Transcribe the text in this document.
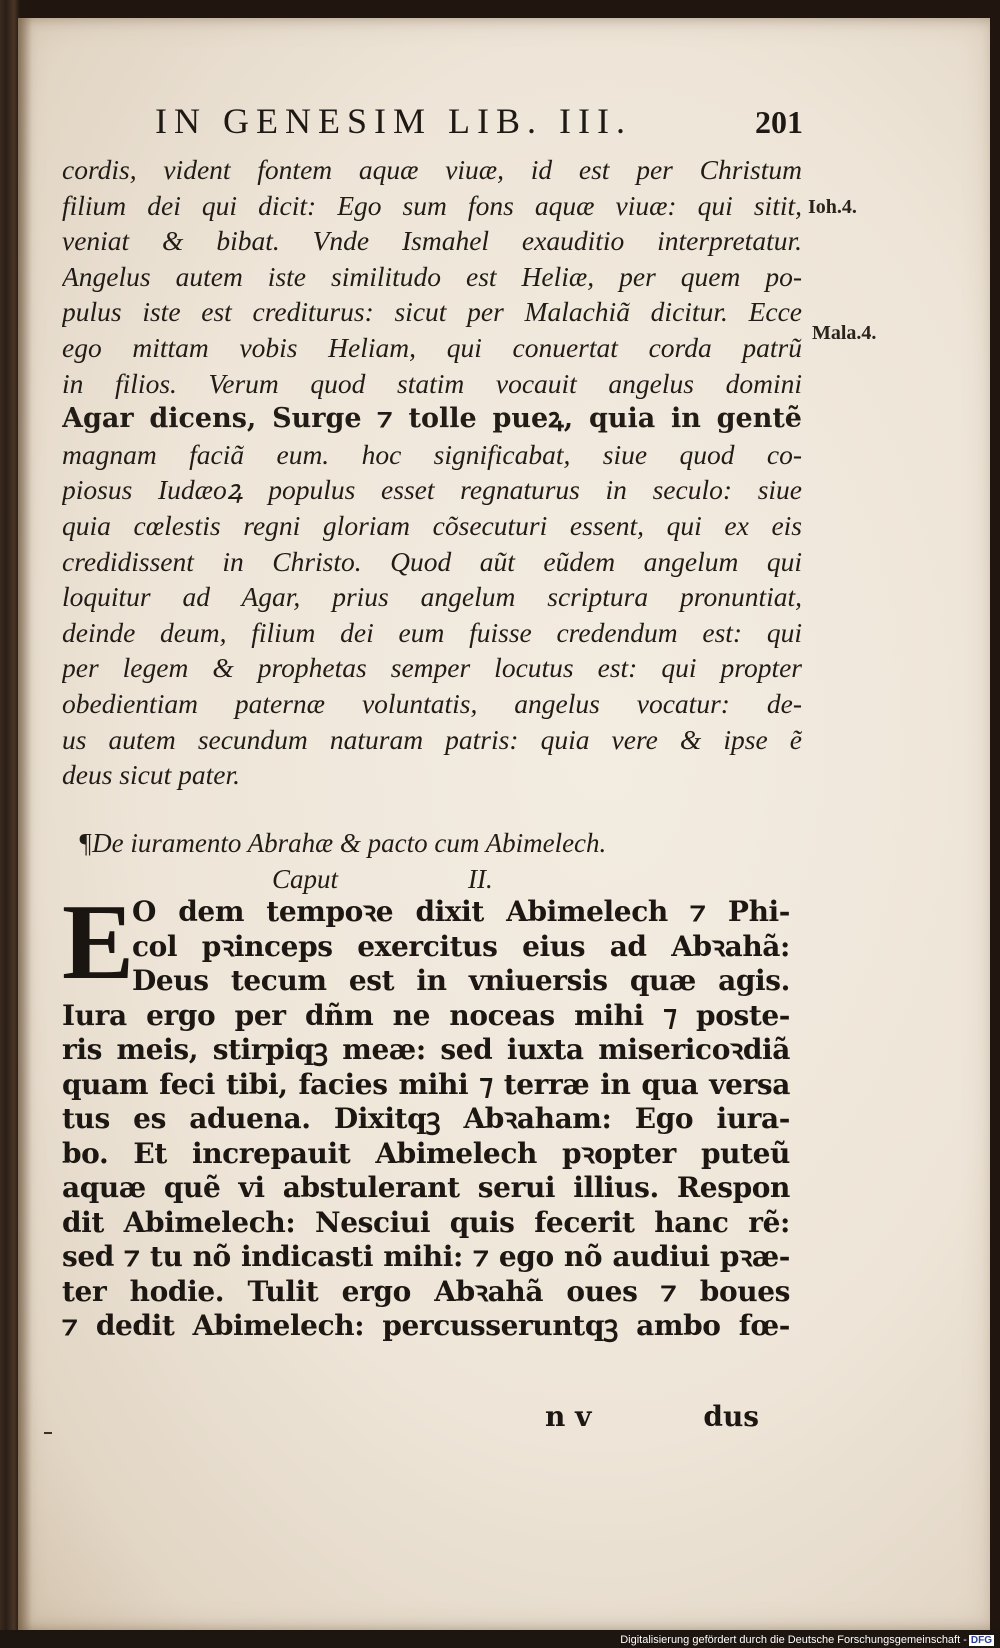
IN GENESIM LIB. III.	201
Ioh.4.
Mala.4.
cordis, vident fontem aquæ viuæ, id est per Christum
filium dei qui dicit: Ego sum fons aquæ viuæ: qui sitit,
veniat & bibat. Vnde Ismahel exauditio interpretatur.
Angelus autem iste similitudo est Heliæ, per quem po-
pulus iste est crediturus: sicut per Malachiã dicitur. Ecce
ego mittam vobis Heliam, qui conuertat corda patrũ
in filios. Verum quod statim vocauit angelus domini
Agar dicens, Surge ⁊ tolle pueꝝ, quia in gentẽ
magnam faciã eum. hoc significabat, siue quod co-
piosus Iudæoꝝ populus esset regnaturus in seculo: siue
quia cœlestis regni gloriam cõsecuturi essent, qui ex eis
credidissent in Christo. Quod aũt eũdem angelum qui
loquitur ad Agar, prius angelum scriptura pronuntiat,
deinde deum, filium dei eum fuisse credendum est: qui
per legem & prophetas semper locutus est: qui propter
obedientiam paternæ voluntatis, angelus vocatur: de-
us autem secundum naturam patris: quia vere & ipse ẽ
deus sicut pater.
¶De iuramento Abrahæ & pacto cum Abimelech.
Caput	II.
E
O dem tempoꝛe dixit Abimelech ⁊ Phi-
col pꝛinceps exercitus eius ad Abꝛahã:
Deus tecum est in vniuersis quæ agis.
Iura ergo per dñm ne noceas mihi ⁊ poste-
ris meis, stirpiqꝫ meæ: sed iuxta misericoꝛdiã
quam feci tibi, facies mihi ⁊ terræ in qua versa
tus es aduena. Dixitqꝫ Abꝛaham: Ego iura-
bo. Et increpauit Abimelech pꝛopter puteũ
aquæ quẽ vi abstulerant serui illius. Respon
dit Abimelech: Nesciui quis fecerit hanc rẽ:
sed ⁊ tu nõ indicasti mihi: ⁊ ego nõ audiui pꝛæ-
ter hodie. Tulit ergo Abꝛahã oues ⁊ boues
⁊ dedit Abimelech: percusseruntqꝫ ambo fœ-
n v	dus
Digitalisierung gefördert durch die Deutsche Forschungsgemeinschaft - DFG
